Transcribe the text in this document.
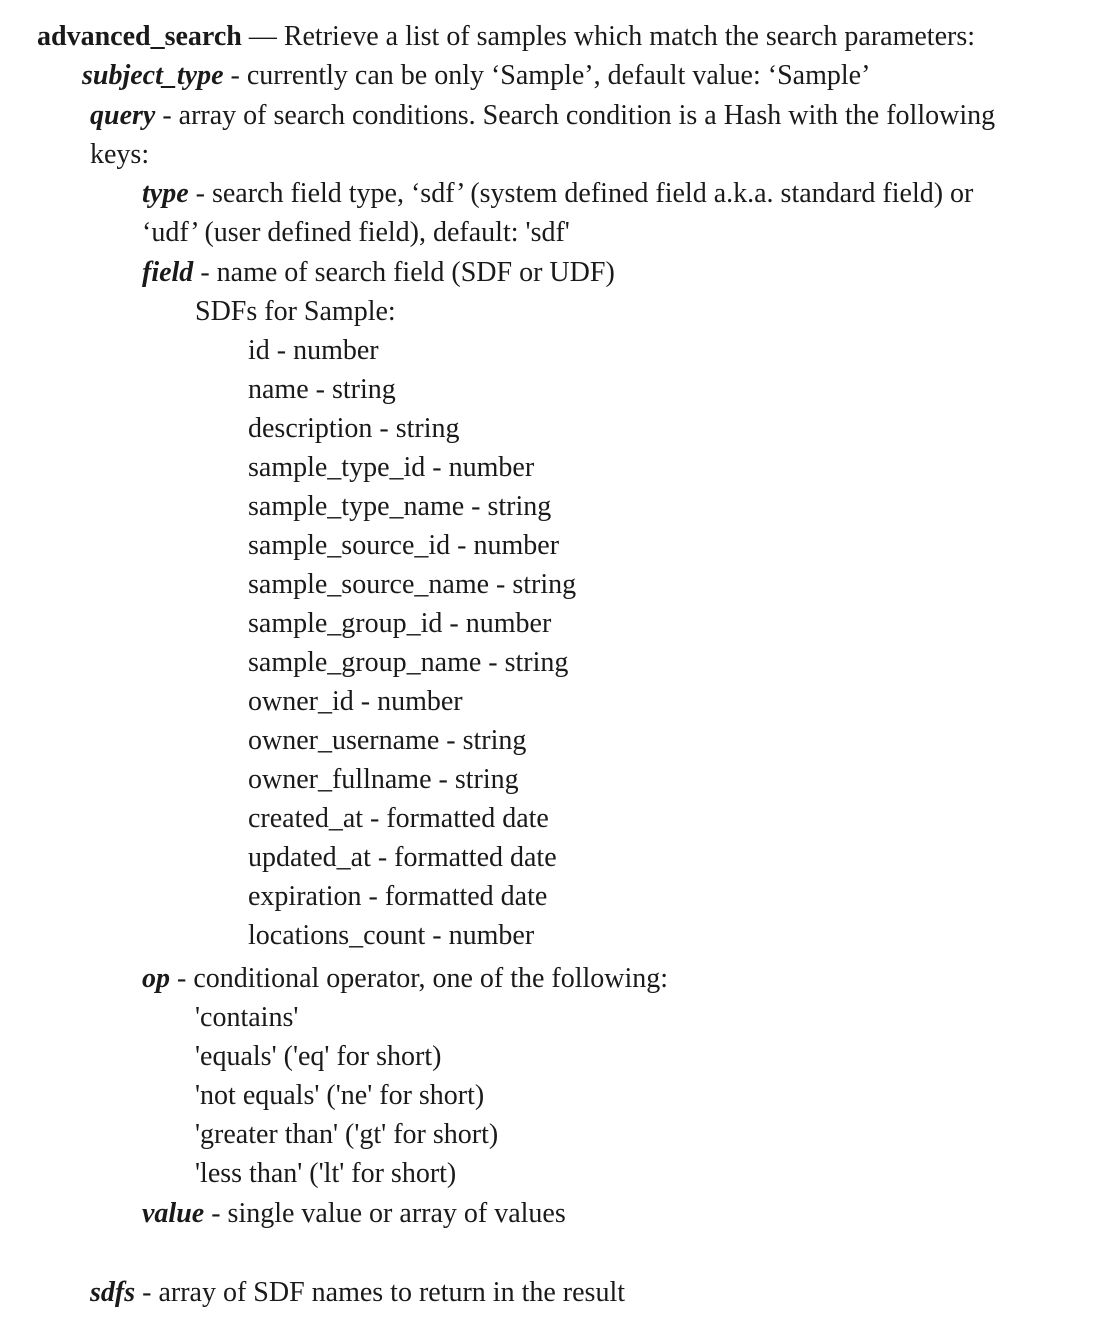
advanced_search — Retrieve a list of samples which match the search parameters:
subject_type - currently can be only ‘Sample’, default value: ‘Sample’
query - array of search conditions. Search condition is a Hash with the following
keys:
type - search field type, ‘sdf’ (system defined field a.k.a. standard field) or
‘udf’ (user defined field), default: 'sdf'
field - name of search field (SDF or UDF)
SDFs for Sample:
id - number
name - string
description - string
sample_type_id - number
sample_type_name - string
sample_source_id - number
sample_source_name - string
sample_group_id - number
sample_group_name - string
owner_id - number
owner_username - string
owner_fullname - string
created_at - formatted date
updated_at - formatted date
expiration - formatted date
locations_count - number
op - conditional operator, one of the following:
'contains'
'equals' ('eq' for short)
'not equals' ('ne' for short)
'greater than' ('gt' for short)
'less than' ('lt' for short)
value - single value or array of values
sdfs - array of SDF names to return in the result
